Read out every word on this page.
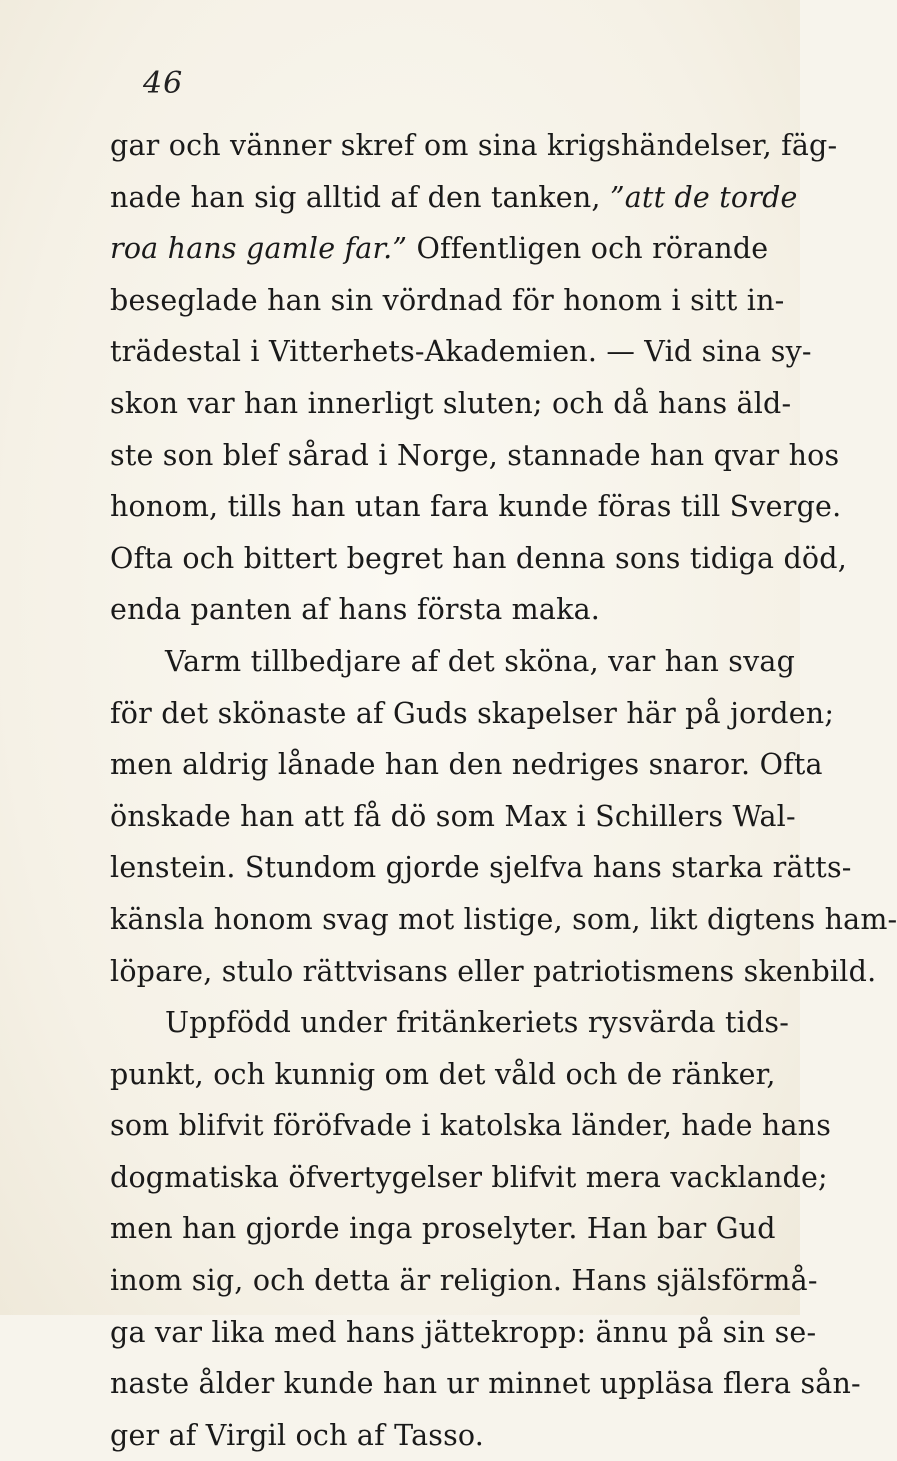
46
gar och vänner skref om sina krigshändelser, fäg-
nade han sig alltid af den tanken, ”att de torde
roa hans gamle far.” Offentligen och rörande
beseglade han sin vördnad för honom i sitt in-
trädestal i Vitterhets-Akademien. — Vid sina sy-
skon var han innerligt sluten; och då hans äld-
ste son blef sårad i Norge, stannade han qvar hos
honom, tills han utan fara kunde föras till Sverge.
Ofta och bittert begret han denna sons tidiga död,
enda panten af hans första maka.
Varm tillbedjare af det sköna, var han svag
för det skönaste af Guds skapelser här på jorden;
men aldrig lånade han den nedriges snaror. Ofta
önskade han att få dö som Max i Schillers Wal-
lenstein. Stundom gjorde sjelfva hans starka rätts-
känsla honom svag mot listige, som, likt digtens ham-
löpare, stulo rättvisans eller patriotismens skenbild.
Uppfödd under fritänkeriets rysvärda tids-
punkt, och kunnig om det våld och de ränker,
som blifvit föröfvade i katolska länder, hade hans
dogmatiska öfvertygelser blifvit mera vacklande;
men han gjorde inga proselyter. Han bar Gud
inom sig, och detta är religion. Hans själsförmå-
ga var lika med hans jättekropp: ännu på sin se-
naste ålder kunde han ur minnet uppläsa flera sån-
ger af Virgil och af Tasso.
